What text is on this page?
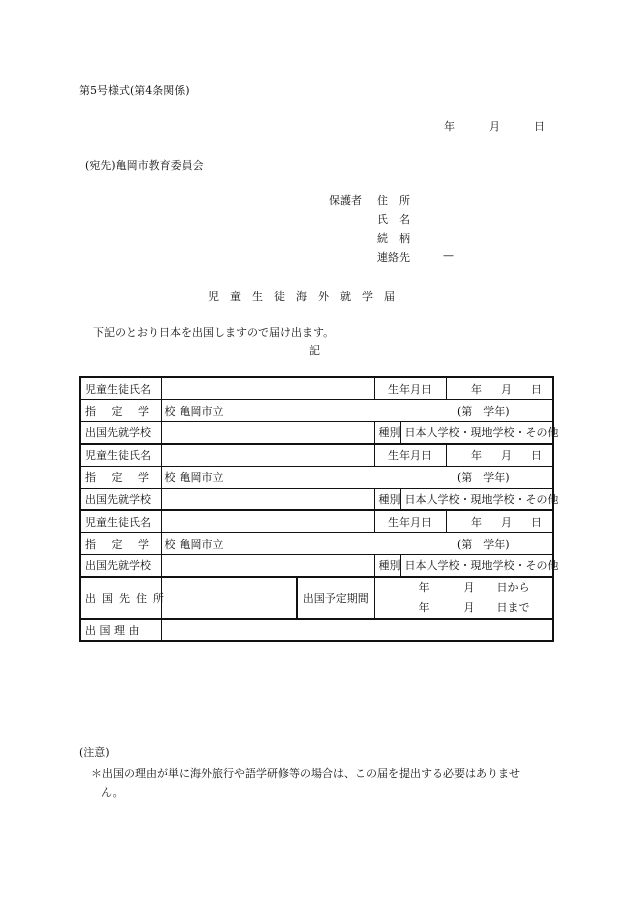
第5号様式(第4条関係)
年　　月　　日
(宛先)亀岡市教育委員会
保護者 住　所
氏　名
続　柄
連絡先	—
児　童　生　徒　海　外　就　学　届
下記のとおり日本を出国しますので届け出ます。
記
児童生徒氏名			生年月日 年　月　日	

指 定 学 校	亀岡市立 (第　学年)			

出国先就学校			種別	日本人学校・現地学校・その他
児童生徒氏名			生年月日 年　月　日	

指 定 学 校	亀岡市立 (第　学年)			

出国先就学校			種別	日本人学校・現地学校・その他
児童生徒氏名			生年月日 年　月　日	

指 定 学 校	亀岡市立 (第　学年)			

出国先就学校			種別	日本人学校・現地学校・その他
出国先住所		出国予定期間	年 月 日から
年 月 日まで	

出 国 理 由				
(注意)
＊出国の理由が単に海外旅行や語学研修等の場合は、この届を提出する必要はありませ
ん。
